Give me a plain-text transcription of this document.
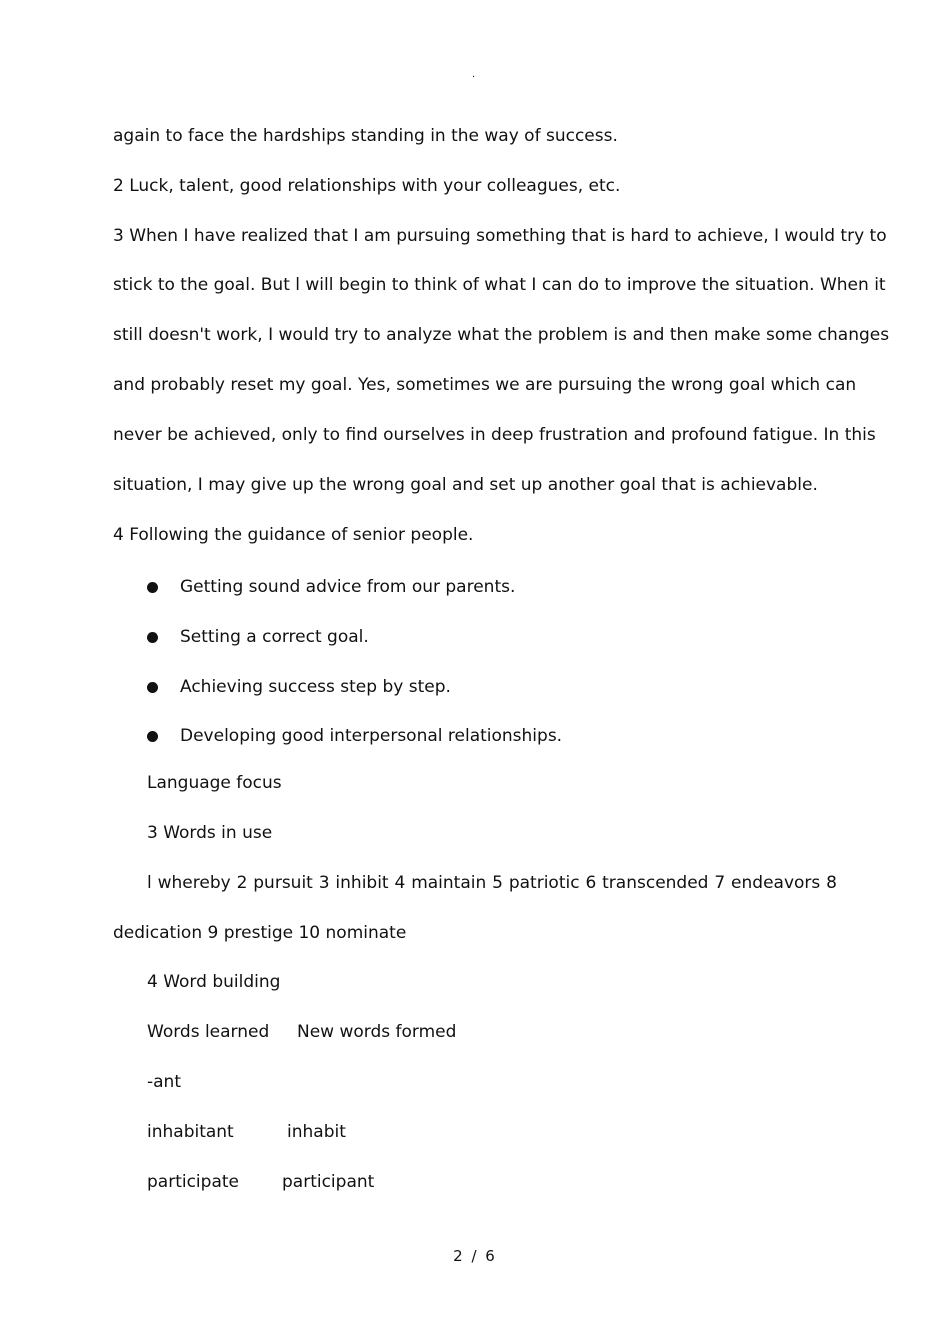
·
again to face the hardships standing in the way of success.
2 Luck, talent, good relationships with your colleagues, etc.
3 When I have realized that I am pursuing something that is hard to achieve, I would try to
stick to the goal. But l will begin to think of what I can do to improve the situation. When it
still doesn't work, I would try to analyze what the problem is and then make some changes
and probably reset my goal. Yes, sometimes we are pursuing the wrong goal which can
never be achieved, only to find ourselves in deep frustration and profound fatigue. In this
situation, I may give up the wrong goal and set up another goal that is achievable.
4 Following the guidance of senior people.
Getting sound advice from our parents.
Setting a correct goal.
Achieving success step by step.
Developing good interpersonal relationships.
Language focus
3 Words in use
l whereby 2 pursuit 3 inhibit 4 maintain 5 patriotic 6 transcended 7 endeavors 8
dedication 9 prestige 10 nominate
4 Word building
Words learned New words formed
-ant
inhabitant	inhabit
participate	participant
2 / 6
